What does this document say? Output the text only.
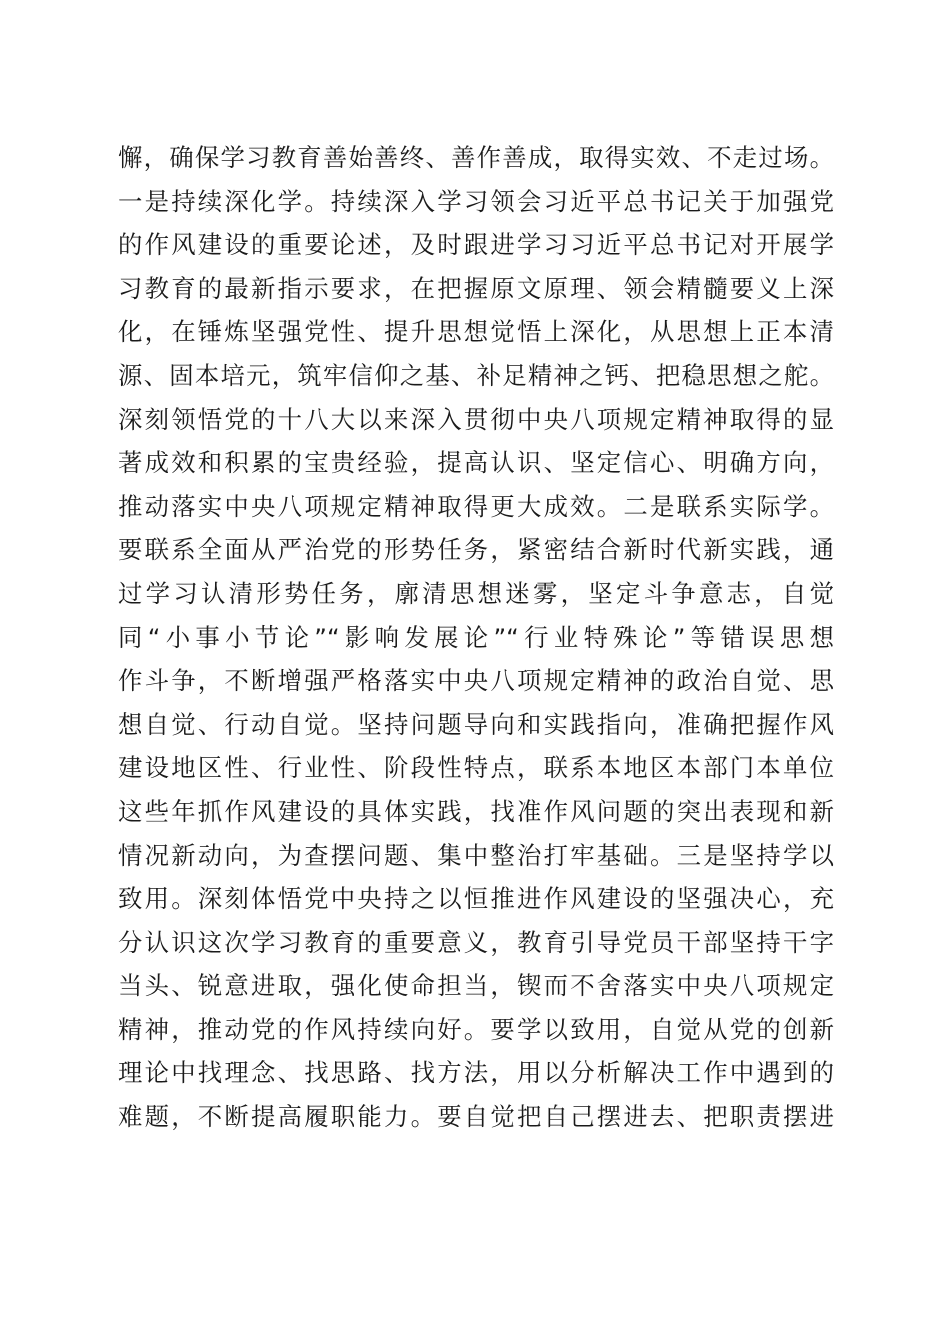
懈，确保学习教育善始善终、善作善成，取得实效、不走过场。
一是持续深化学。持续深入学习领会习近平总书记关于加强党
的作风建设的重要论述，及时跟进学习习近平总书记对开展学
习教育的最新指示要求，在把握原文原理、领会精髓要义上深
化，在锤炼坚强党性、提升思想觉悟上深化，从思想上正本清
源、固本培元，筑牢信仰之基、补足精神之钙、把稳思想之舵。
深刻领悟党的十八大以来深入贯彻中央八项规定精神取得的显
著成效和积累的宝贵经验，提高认识、坚定信心、明确方向，
推动落实中央八项规定精神取得更大成效。二是联系实际学。
要联系全面从严治党的形势任务，紧密结合新时代新实践，通
过学习认清形势任务，廓清思想迷雾，坚定斗争意志，自觉
同“小事小节论”“影响发展论”“行业特殊论”等错误思想
作斗争，不断增强严格落实中央八项规定精神的政治自觉、思
想自觉、行动自觉。坚持问题导向和实践指向，准确把握作风
建设地区性、行业性、阶段性特点，联系本地区本部门本单位
这些年抓作风建设的具体实践，找准作风问题的突出表现和新
情况新动向，为查摆问题、集中整治打牢基础。三是坚持学以
致用。深刻体悟党中央持之以恒推进作风建设的坚强决心，充
分认识这次学习教育的重要意义，教育引导党员干部坚持干字
当头、锐意进取，强化使命担当，锲而不舍落实中央八项规定
精神，推动党的作风持续向好。要学以致用，自觉从党的创新
理论中找理念、找思路、找方法，用以分析解决工作中遇到的
难题，不断提高履职能力。要自觉把自己摆进去、把职责摆进
